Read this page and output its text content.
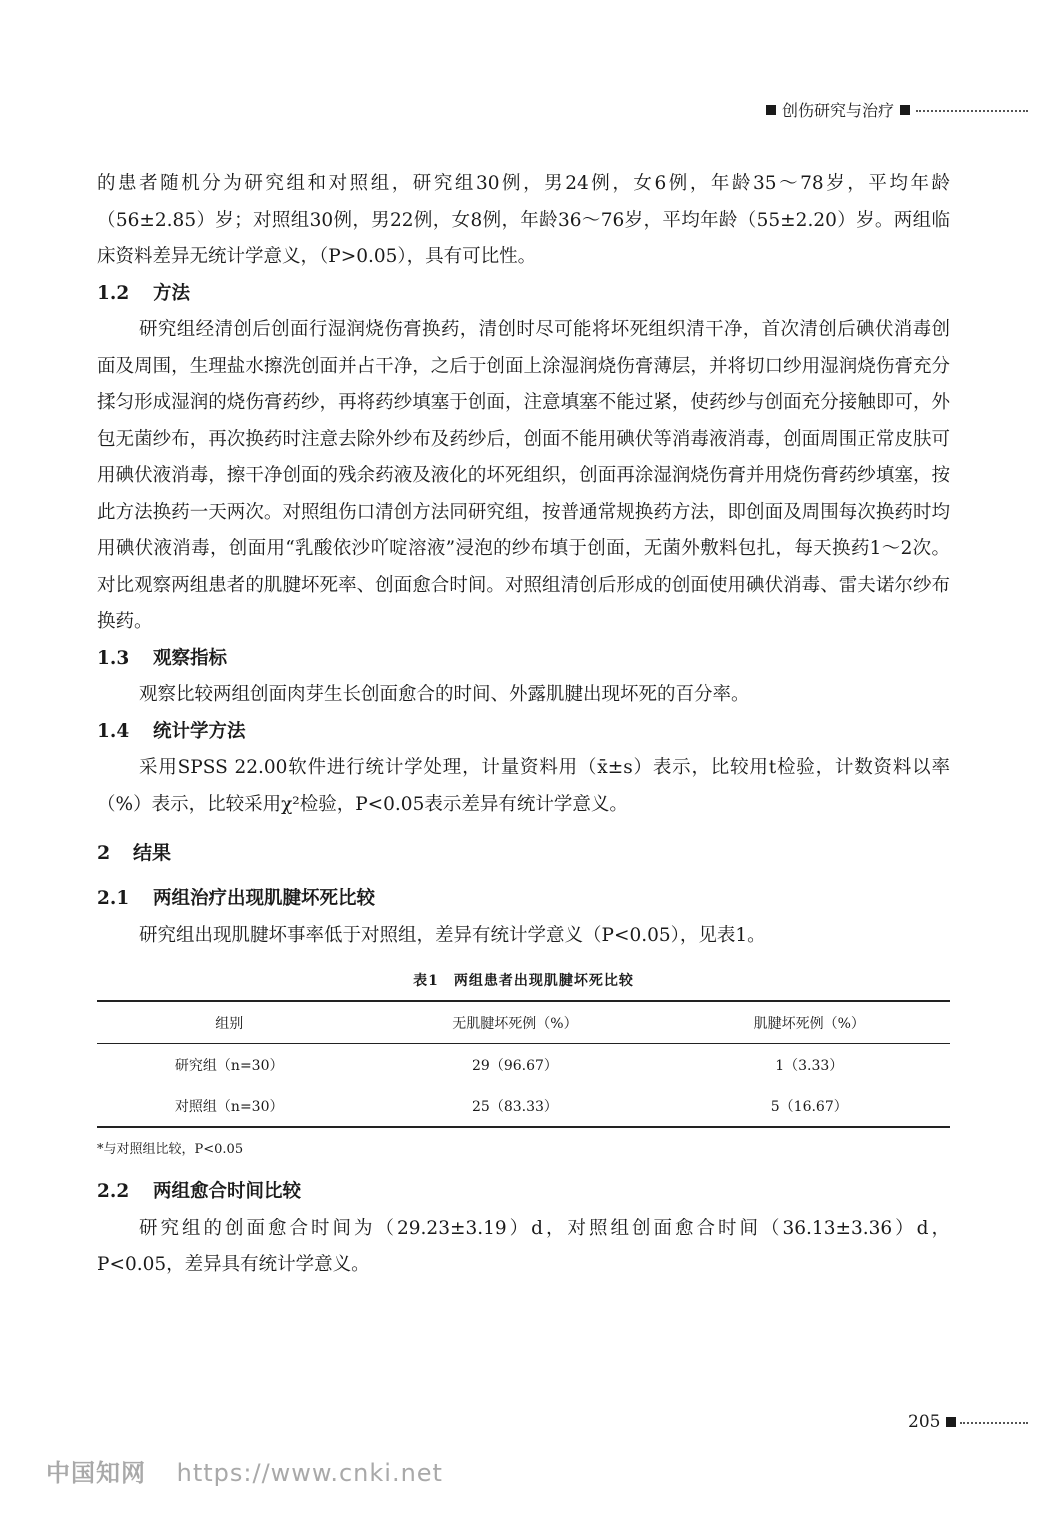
创伤研究与治疗

的患者随机分为研究组和对照组，研究组30例，男24例，女6例，年龄35～78岁，平均年龄（56±2.85）岁；对照组30例，男22例，女8例，年龄36～76岁，平均年龄（55±2.20）岁。两组临床资料差异无统计学意义，（P>0.05），具有可比性。

1.2 方法

研究组经清创后创面行湿润烧伤膏换药，清创时尽可能将坏死组织清干净，首次清创后碘伏消毒创面及周围，生理盐水擦洗创面并占干净，之后于创面上涂湿润烧伤膏薄层，并将切口纱用湿润烧伤膏充分揉匀形成湿润的烧伤膏药纱，再将药纱填塞于创面，注意填塞不能过紧，使药纱与创面充分接触即可，外包无菌纱布，再次换药时注意去除外纱布及药纱后，创面不能用碘伏等消毒液消毒，创面周围正常皮肤可用碘伏液消毒，擦干净创面的残余药液及液化的坏死组织，创面再涂湿润烧伤膏并用烧伤膏药纱填塞，按此方法换药一天两次。对照组伤口清创方法同研究组，按普通常规换药方法，即创面及周围每次换药时均用碘伏液消毒，创面用“乳酸依沙吖啶溶液”浸泡的纱布填于创面，无菌外敷料包扎，每天换药1～2次。对比观察两组患者的肌腱坏死率、创面愈合时间。对照组清创后形成的创面使用碘伏消毒、雷夫诺尔纱布换药。

1.3 观察指标

观察比较两组创面肉芽生长创面愈合的时间、外露肌腱出现坏死的百分率。

1.4 统计学方法

采用SPSS 22.00软件进行统计学处理，计量资料用（x̄±s）表示，比较用t检验，计数资料以率（%）表示，比较采用χ²检验，P<0.05表示差异有统计学意义。

2 结果
2.1 两组治疗出现肌腱坏死比较

研究组出现肌腱坏事率低于对照组，差异有统计学意义（P<0.05），见表1。

表1　两组患者出现肌腱坏死比较
组别	无肌腱坏死例（%）	肌腱坏死例（%）
研究组（n=30）	29（96.67）	1（3.33）
对照组（n=30）	25（83.33）	5（16.67）
*与对照组比较，P<0.05
2.2 两组愈合时间比较

研究组的创面愈合时间为（29.23±3.19）d，对照组创面愈合时间（36.13±3.36）d，P<0.05，差异具有统计学意义。

205
中国知网 https://www.cnki.net
